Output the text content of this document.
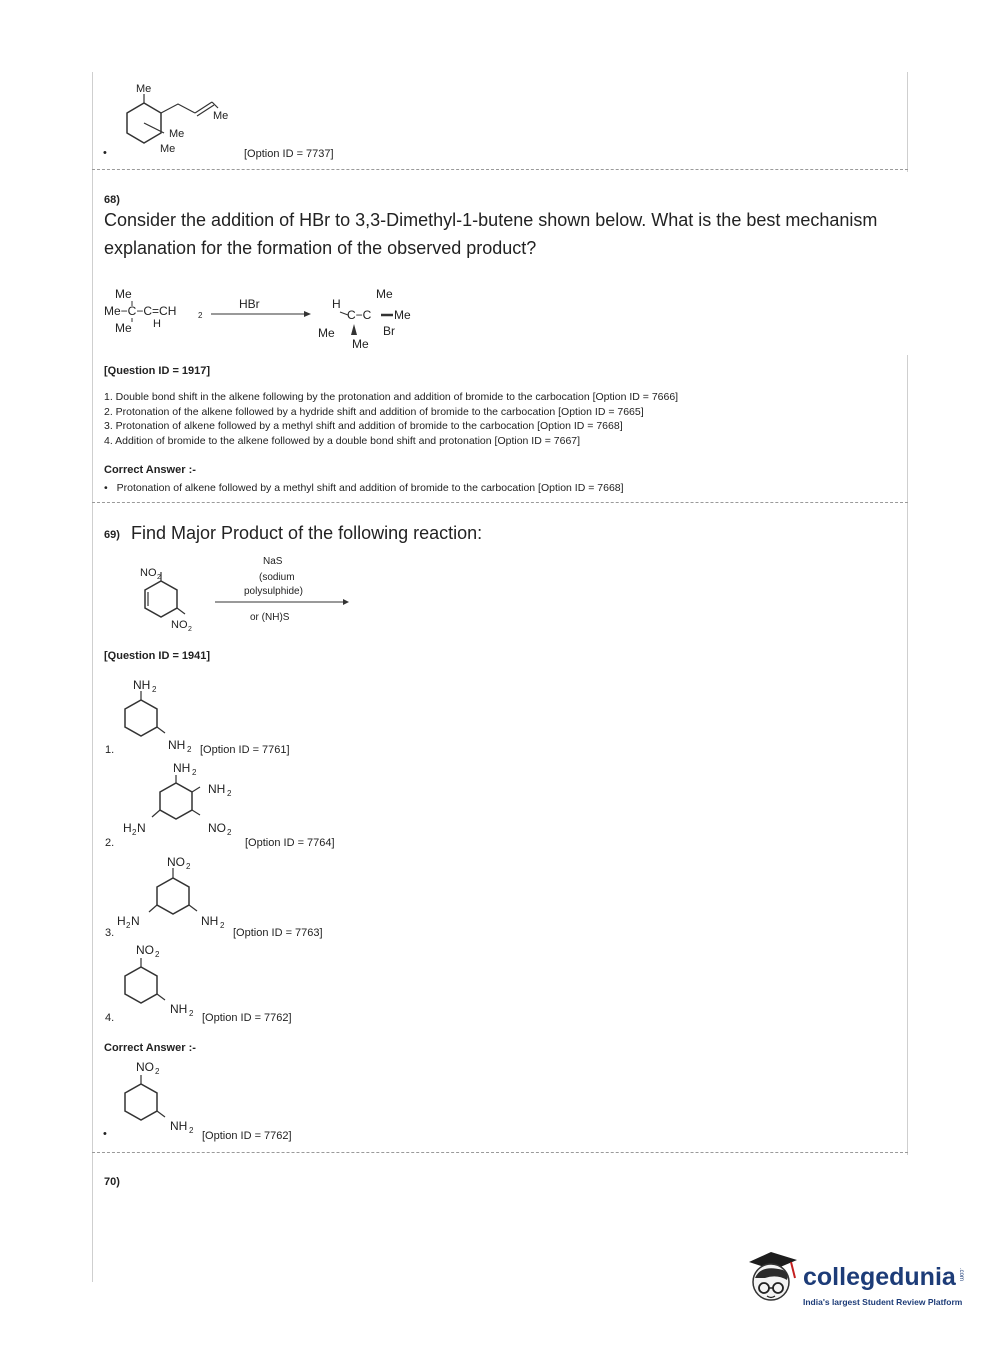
Me
Me
Me
Me
•	[Option ID = 7737]
68)
Consider the addition of HBr to 3,3-Dimethyl-1-butene shown below. What is the best mechanism
explanation for the formation of the observed product?
Me
Me−C−C=CH	2
Me H
HBr	H
Me
C−C Me
Br
Me
Me
[Question ID = 1917]
1. Double bond shift in the alkene following by the protonation and addition of bromide to the carbocation [Option ID = 7666]
2. Protonation of the alkene followed by a hydride shift and addition of bromide to the carbocation [Option ID = 7665]
3. Protonation of alkene followed by a methyl shift and addition of bromide to the carbocation [Option ID = 7668]
4. Addition of bromide to the alkene followed by a double bond shift and protonation [Option ID = 7667]
Correct Answer :-
• Protonation of alkene followed by a methyl shift and addition of bromide to the carbocation [Option ID = 7668]
69) Find Major Product of the following reaction:
NO 2
NO 2
NaS
(sodium
polysulphide)
or (NH)S
[Question ID = 1941]
NH 2
NH 2
1.	[Option ID = 7761]
NH 2
NH 2
NO 2
H 2 N
2.	[Option ID = 7764]
NO 2
NH 2
H 2 N
3.	[Option ID = 7763]
NO 2
NH 2
4.	[Option ID = 7762]
Correct Answer :-
NO 2
NH 2
•	[Option ID = 7762]
70)
collegedunia .com
India's largest Student Review Platform
